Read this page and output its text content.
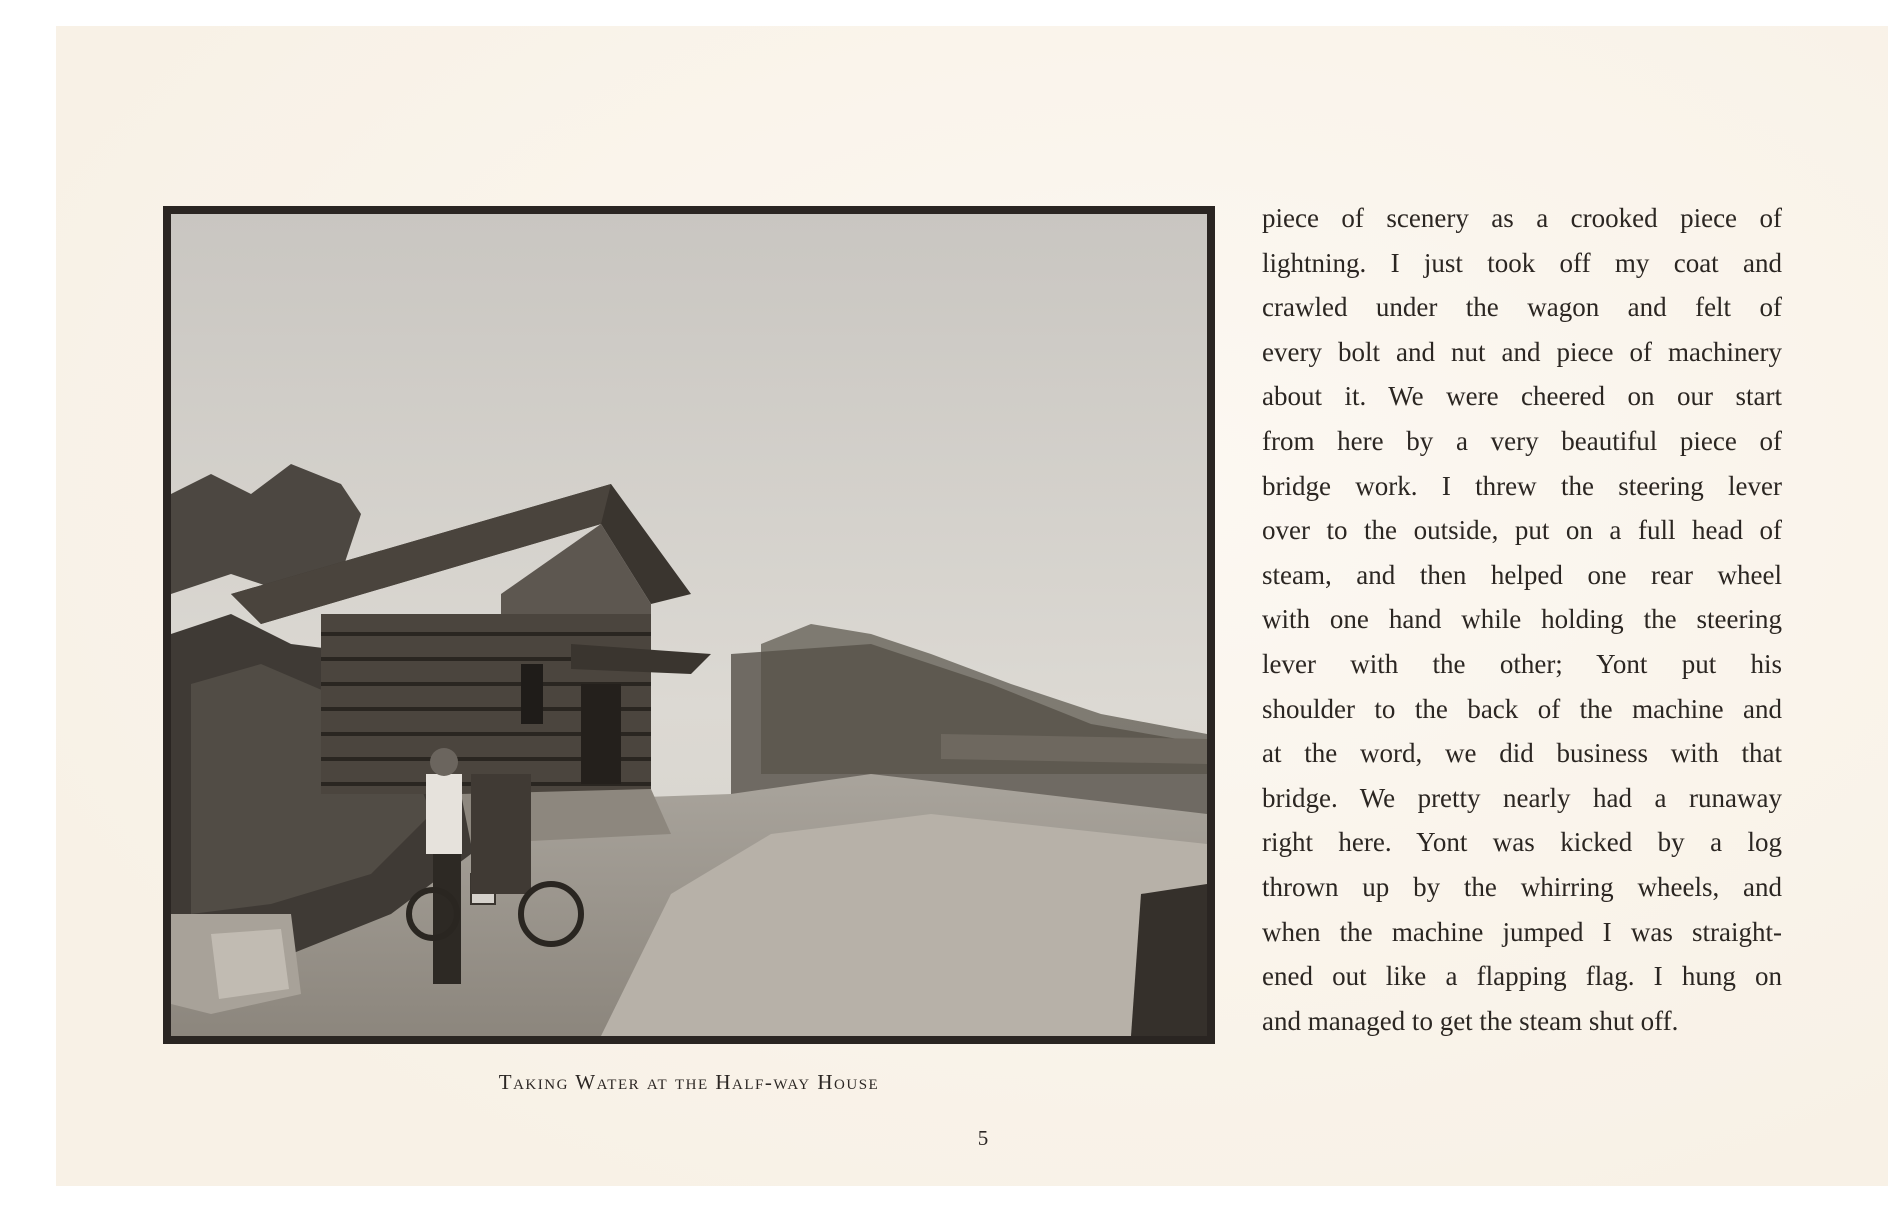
Taking Water at the Half-way House
piece of scenery as a crooked piece of
lightning. I just took off my coat and
crawled under the wagon and felt of
every bolt and nut and piece of machinery
about it. We were cheered on our start
from here by a very beautiful piece of
bridge work. I threw the steering lever
over to the outside, put on a full head of
steam, and then helped one rear wheel
with one hand while holding the steering
lever with the other; Yont put his
shoulder to the back of the machine and
at the word, we did business with that
bridge. We pretty nearly had a runaway
right here. Yont was kicked by a log
thrown up by the whirring wheels, and
when the machine jumped I was straight-
ened out like a flapping flag. I hung on
and managed to get the steam shut off.
5
